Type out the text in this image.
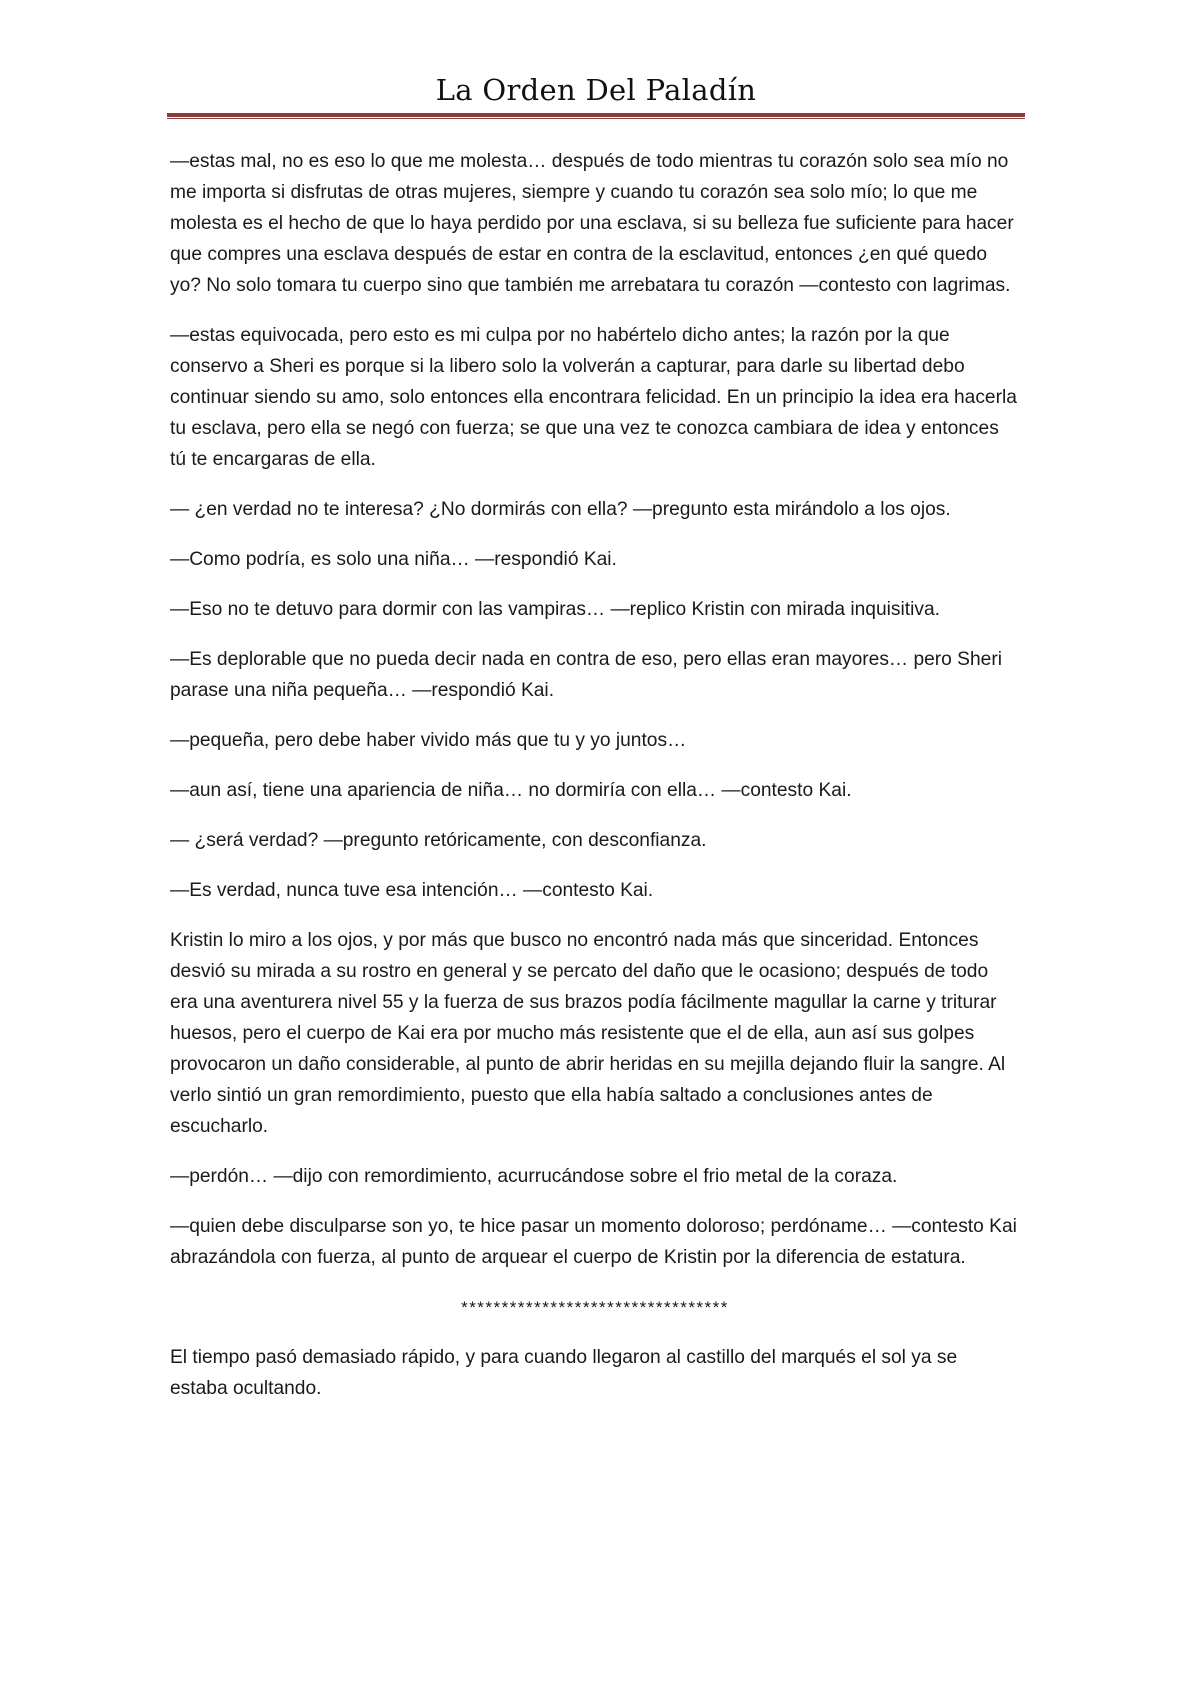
La Orden Del Paladín

—estas mal, no es eso lo que me molesta… después de todo mientras tu corazón solo sea mío no me importa si disfrutas de otras mujeres, siempre y cuando tu corazón sea solo mío; lo que me molesta es el hecho de que lo haya perdido por una esclava, si su belleza fue suficiente para hacer que compres una esclava después de estar en contra de la esclavitud, entonces ¿en qué quedo yo? No solo tomara tu cuerpo sino que también me arrebatara tu corazón —contesto con lagrimas.

—estas equivocada, pero esto es mi culpa por no habértelo dicho antes; la razón por la que conservo a Sheri es porque si la libero solo la volverán a capturar, para darle su libertad debo continuar siendo su amo, solo entonces ella encontrara felicidad. En un principio la idea era hacerla tu esclava, pero ella se negó con fuerza; se que una vez te conozca cambiara de idea y entonces tú te encargaras de ella.

— ¿en verdad no te interesa? ¿No dormirás con ella? —pregunto esta mirándolo a los ojos.

—Como podría, es solo una niña… —respondió Kai.

—Eso no te detuvo para dormir con las vampiras… —replico Kristin con mirada inquisitiva.

—Es deplorable que no pueda decir nada en contra de eso, pero ellas eran mayores… pero Sheri parase una niña pequeña… —respondió Kai.

—pequeña, pero debe haber vivido más que tu y yo juntos…

—aun así, tiene una apariencia de niña… no dormiría con ella… —contesto Kai.

— ¿será verdad? —pregunto retóricamente, con desconfianza.

—Es verdad, nunca tuve esa intención… —contesto Kai.

Kristin lo miro a los ojos, y por más que busco no encontró nada más que sinceridad. Entonces desvió su mirada a su rostro en general y se percato del daño que le ocasiono; después de todo era una aventurera nivel 55 y la fuerza de sus brazos podía fácilmente magullar la carne y triturar huesos, pero el cuerpo de Kai era por mucho más resistente que el de ella, aun así sus golpes provocaron un daño considerable, al punto de abrir heridas en su mejilla dejando fluir la sangre. Al verlo sintió un gran remordimiento, puesto que ella había saltado a conclusiones antes de escucharlo.

—perdón… —dijo con remordimiento, acurrucándose sobre el frio metal de la coraza.

—quien debe disculparse son yo, te hice pasar un momento doloroso; perdóname… —contesto Kai abrazándola con fuerza, al punto de arquear el cuerpo de Kristin por la diferencia de estatura.

*********************************

El tiempo pasó demasiado rápido, y para cuando llegaron al castillo del marqués el sol ya se estaba ocultando.
